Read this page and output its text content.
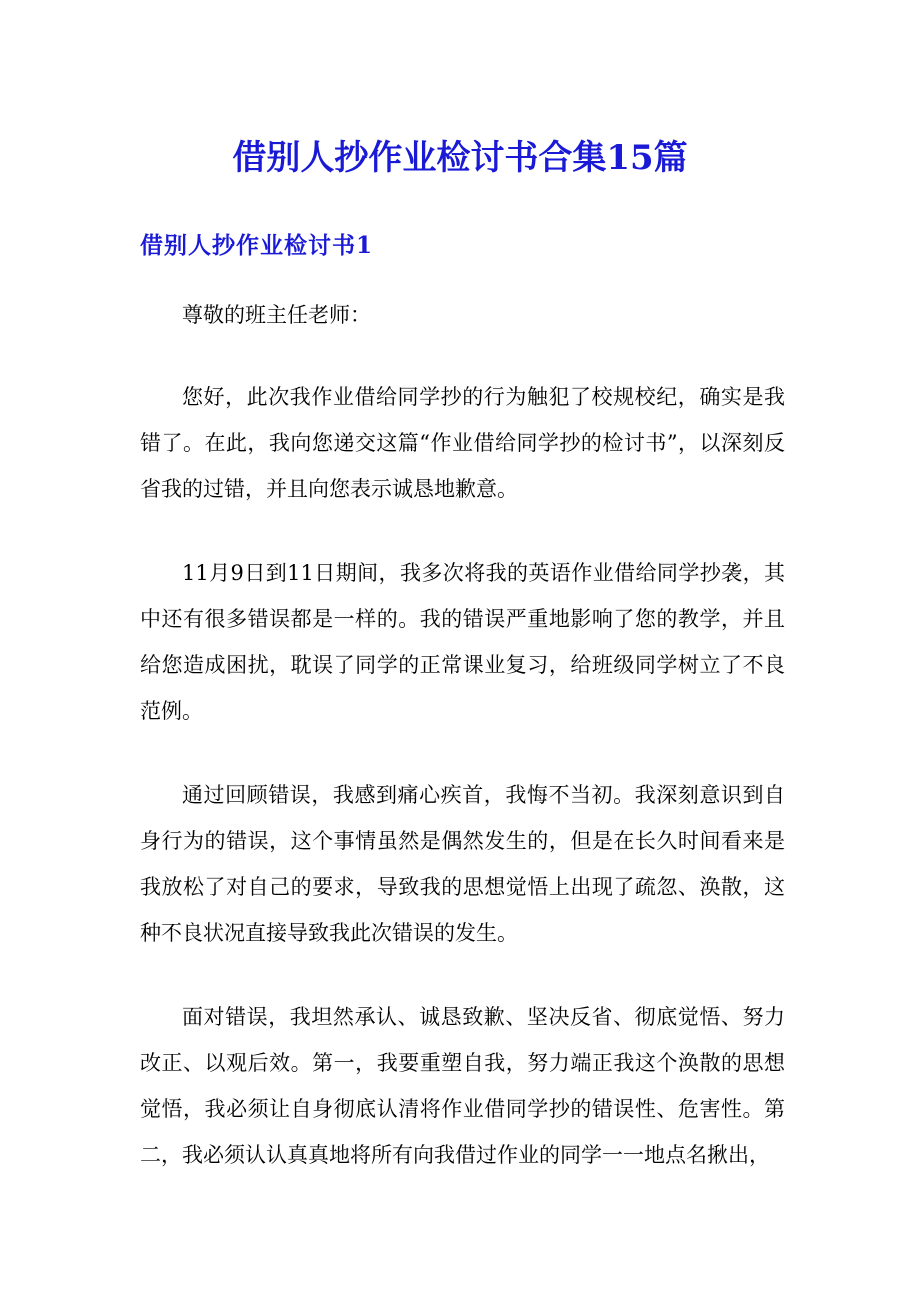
借别人抄作业检讨书合集15篇
借别人抄作业检讨书1

尊敬的班主任老师：

您好，此次我作业借给同学抄的行为触犯了校规校纪，确实是我错了。在此，我向您递交这篇“作业借给同学抄的检讨书”，以深刻反省我的过错，并且向您表示诚恳地歉意。

11月9日到11日期间，我多次将我的英语作业借给同学抄袭，其中还有很多错误都是一样的。我的错误严重地影响了您的教学，并且给您造成困扰，耽误了同学的正常课业复习，给班级同学树立了不良范例。

通过回顾错误，我感到痛心疾首，我悔不当初。我深刻意识到自身行为的错误，这个事情虽然是偶然发生的，但是在长久时间看来是我放松了对自己的要求，导致我的思想觉悟上出现了疏忽、涣散，这种不良状况直接导致我此次错误的发生。

面对错误，我坦然承认、诚恳致歉、坚决反省、彻底觉悟、努力改正、以观后效。第一，我要重塑自我，努力端正我这个涣散的思想觉悟，我必须让自身彻底认清将作业借同学抄的错误性、危害性。第二，我必须认认真真地将所有向我借过作业的同学一一地点名揪出，
